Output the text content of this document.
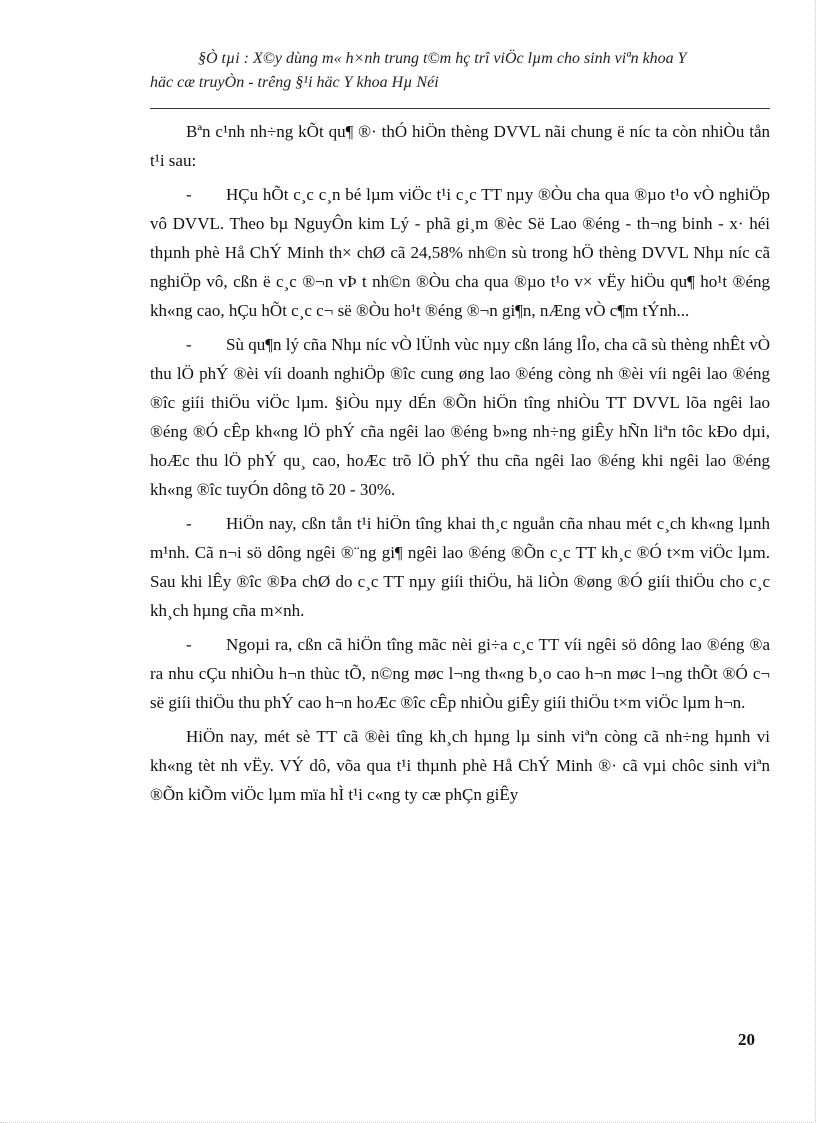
§Ò tµi : X©y dùng m« h×nh trung t©m hç trî viÖc lµm cho sinh viªn khoa Y
häc cæ truyÒn - trêng §¹i häc Y khoa Hµ Néi

Bªn c¹nh nh÷ng kÕt qu¶ ®· thÓ hiÖn thèng DVVL nãi chung ë níc ta còn nhiÒu tån t¹i sau:

- HÇu hÕt c¸c c¸n bé lµm viÖc t¹i c¸c TT nµy ®Òu cha qua ®µo t¹o vÒ nghiÖp vô DVVL. Theo bµ NguyÔn kim Lý - phã gi¸m ®èc Së Lao ®éng - th¬ng binh - x· héi thµnh phè Hå ChÝ Minh th× chØ cã 24,58% nh©n sù trong hÖ thèng DVVL Nhµ níc cã nghiÖp vô, cßn ë c¸c ®¬n vÞ t nh©n ®Òu cha qua ®µo t¹o v× vËy hiÖu qu¶ ho¹t ®éng kh«ng cao, hÇu hÕt c¸c c¬ së ®Òu ho¹t ®éng ®¬n gi¶n, nÆng vÒ c¶m tÝnh...

- Sù qu¶n lý cña Nhµ níc vÒ lÜnh vùc nµy cßn láng lÎo, cha cã sù thèng nhÊt vÒ thu lÖ phÝ ®èi víi doanh nghiÖp ®îc cung øng lao ®éng còng nh ®èi víi ngêi lao ®éng ®îc giíi thiÖu viÖc lµm. §iÒu nµy dÉn ®Õn hiÖn tîng nhiÒu TT DVVL lõa ngêi lao ®éng ®Ó cÊp kh«ng lÖ phÝ cña ngêi lao ®éng b»ng nh÷ng giÊy hÑn liªn tôc kÐo dµi, hoÆc thu lÖ phÝ qu¸ cao, hoÆc trõ lÖ phÝ thu cña ngêi lao ®éng khi ngêi lao ®éng kh«ng ®îc tuyÓn dông tõ 20 - 30%.

- HiÖn nay, cßn tån t¹i hiÖn tîng khai th¸c nguån cña nhau mét c¸ch kh«ng lµnh m¹nh. Cã n¬i sö dông ngêi ®¨ng gi¶ ngêi lao ®éng ®Õn c¸c TT kh¸c ®Ó t×m viÖc lµm. Sau khi lÊy ®îc ®Þa chØ do c¸c TT nµy giíi thiÖu, hä liÒn ®øng ®Ó giíi thiÖu cho c¸c kh¸ch hµng cña m×nh.

- Ngoµi ra, cßn cã hiÖn tîng mãc nèi gi÷a c¸c TT víi ngêi sö dông lao ®éng ®a ra nhu cÇu nhiÒu h¬n thùc tÕ, n©ng møc l¬ng th«ng b¸o cao h¬n møc l¬ng thÕt ®Ó c¬ së giíi thiÖu thu phÝ cao h¬n hoÆc ®îc cÊp nhiÒu giÊy giíi thiÖu t×m viÖc lµm h¬n.

HiÖn nay, mét sè TT cã ®èi tîng kh¸ch hµng lµ sinh viªn còng cã nh÷ng hµnh vi kh«ng tèt nh vËy. VÝ dô, võa qua t¹i thµnh phè Hå ChÝ Minh ®· cã vµi chôc sinh viªn ®Õn kiÕm viÖc lµm mïa hÌ t¹i c«ng ty cæ phÇn giÊy

20
